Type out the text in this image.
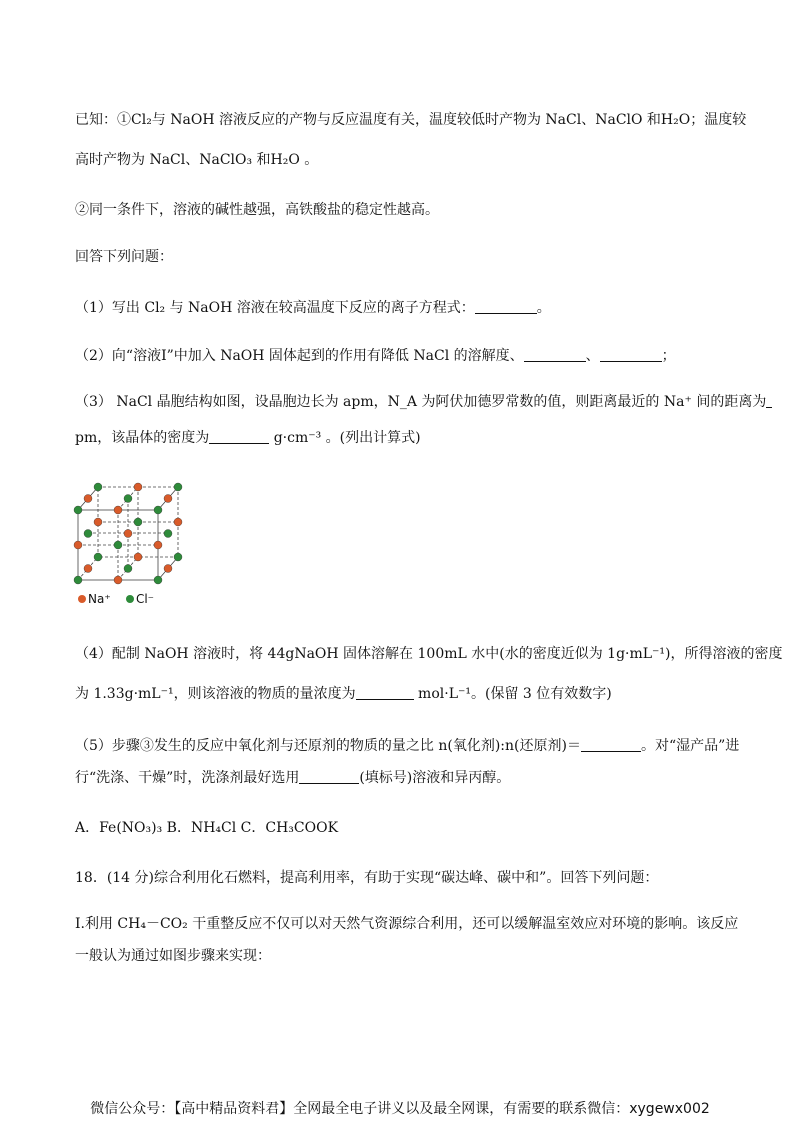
已知：①Cl₂与 NaOH 溶液反应的产物与反应温度有关，温度较低时产物为 NaCl、NaClO 和H₂O；温度较
高时产物为 NaCl、NaClO₃ 和H₂O 。
②同一条件下，溶液的碱性越强，高铁酸盐的稳定性越高。
回答下列问题：
（1）写出 Cl₂ 与 NaOH 溶液在较高温度下反应的离子方程式：	。
（2）向“溶液I”中加入 NaOH 固体起到的作用有降低 NaCl 的溶解度、	、	；
（3） NaCl 晶胞结构如图，设晶胞边长为 apm，N_A 为阿伏加德罗常数的值，则距离最近的 Na⁺ 间的距离为
pm，该晶体的密度为	g·cm⁻³ 。(列出计算式)
Na⁺ Cl⁻
（4）配制 NaOH 溶液时，将 44gNaOH 固体溶解在 100mL 水中(水的密度近似为 1g·mL⁻¹)，所得溶液的密度
为 1.33g·mL⁻¹，则该溶液的物质的量浓度为	mol·L⁻¹。(保留 3 位有效数字)
（5）步骤③发生的反应中氧化剂与还原剂的物质的量之比 n(氧化剂):n(还原剂)＝	。对“湿产品”进
行“洗涤、干燥”时，洗涤剂最好选用	(填标号)溶液和异丙醇。
A．Fe(NO₃)₃ B．NH₄Cl C．CH₃COOK
18．(14 分)综合利用化石燃料，提高利用率，有助于实现“碳达峰、碳中和”。回答下列问题：
I.利用 CH₄－CO₂ 干重整反应不仅可以对天然气资源综合利用，还可以缓解温室效应对环境的影响。该反应
一般认为通过如图步骤来实现：
微信公众号：【高中精品资料君】全网最全电子讲义以及最全网课，有需要的联系微信：xygewx002
